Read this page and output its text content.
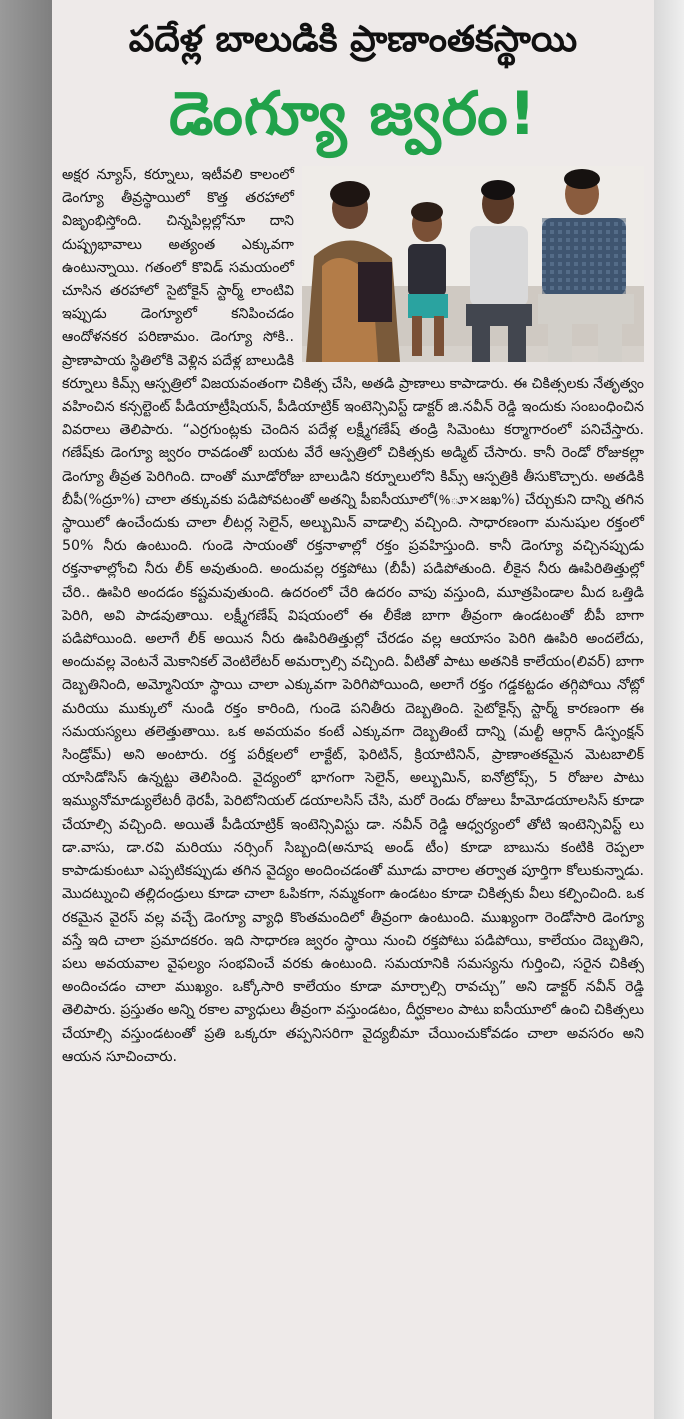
పదేళ్ల బాలుడికి ప్రాణాంతకస్థాయి
డెంగ్యూ జ్వరం!

అక్షర న్యూస్, కర్నూలు, ఇటీవలి కాలంలో డెంగ్యూ తీవ్రస్థాయిలో కొత్త తరహాలో విజృంభిస్తోంది. చిన్నపిల్లల్లోనూ దాని దుష్ప్రభావాలు అత్యంత ఎక్కువగా ఉంటున్నాయి. గతంలో కొవిడ్ సమయంలో చూసిన తరహాలో సైటోకైన్ స్టార్మ్ లాంటివి ఇప్పుడు డెంగ్యూలో కనిపించడం ఆందోళనకర పరిణామం. డెంగ్యూ సోకి.. ప్రాణాపాయ స్థితిలోకి వెళ్లిన పదేళ్ల బాలుడికి కర్నూలు కిమ్స్ ఆస్పత్రిలో విజయవంతంగా చికిత్స చేసి, అతడి ప్రాణాలు కాపాడారు. ఈ చికిత్సలకు నేతృత్వం వహించిన కన్సల్టెంట్ పీడియాట్రీషియన్, పీడియాట్రిక్ ఇంటెన్సివిస్ట్ డాక్టర్ జి.నవీన్ రెడ్డి ఇందుకు సంబంధించిన వివరాలు తెలిపారు. “ఎర్రగుంట్లకు చెందిన పదేళ్ల లక్ష్మీగణేష్ తండ్రి సిమెంటు కర్మాగారంలో పనిచేస్తారు. గణేష్‌కు డెంగ్యూ జ్వరం రావడంతో బయట వేరే ఆస్పత్రిలో చికిత్సకు అడ్మిట్ చేసారు. కానీ రెండో రోజుకల్లా డెంగ్యూ తీవ్రత పెరిగింది. దాంతో మూడోరోజు బాలుడిని కర్నూలులోని కిమ్స్ ఆస్పత్రికి తీసుకొచ్చారు. అతడికి బీపీ(%ద్రూ%) చాలా తక్కువకు పడిపోవటంతో అతన్ని పీఐసీయూలో(%ూ×జఖ%) చేర్చుకుని దాన్ని తగిన స్థాయిలో ఉంచేందుకు చాలా లీటర్ల సెలైన్, అల్బుమిన్ వాడాల్సి వచ్చింది. సాధారణంగా మనుషుల రక్తంలో 50% నీరు ఉంటుంది. గుండె సాయంతో రక్తనాళాల్లో రక్తం ప్రవహిస్తుంది. కానీ డెంగ్యూ వచ్చినప్పుడు రక్తనాళాల్లోంచి నీరు లీక్ అవుతుంది. అందువల్ల రక్తపోటు (బీపీ) పడిపోతుంది. లీకైన నీరు ఊపిరితిత్తుల్లో చేరి.. ఊపిరి అందడం కష్టమవుతుంది. ఉదరంలో చేరి ఉదరం వాపు వస్తుంది, మూత్రపిండాల మీద ఒత్తిడి పెరిగి, అవి పాడవుతాయి. లక్ష్మీగణేష్ విషయంలో ఈ లీకేజి బాగా తీవ్రంగా ఉండటంతో బీపీ బాగా పడిపోయింది. అలాగే లీక్ అయిన నీరు ఊపిరితిత్తుల్లో చేరడం వల్ల ఆయాసం పెరిగి ఊపిరి అందలేదు, అందువల్ల వెంటనే మెకానికల్ వెంటిలేటర్ అమర్చాల్సి వచ్చింది. వీటితో పాటు అతనికి కాలేయం(లివర్) బాగా దెబ్బతినింది, అమ్మోనియా స్థాయి చాలా ఎక్కువగా పెరిగిపోయింది, అలాగే రక్తం గడ్డకట్టడం తగ్గిపోయి నోట్లో మరియు ముక్కులో నుండి రక్తం కారింది, గుండె పనితీరు దెబ్బతింది. సైటోకైన్స్ స్టార్మ్ కారణంగా ఈ సమయస్యలు తలెత్తుతాయి. ఒక అవయవం కంటే ఎక్కువగా దెబ్బతింటే దాన్ని (మల్టీ ఆర్గాన్ డిస్ఫంక్షన్ సిండ్రోమ్) అని అంటారు. రక్త పరీక్షలలో లాక్టేట్, ఫెరిటిన్, క్రియాటినిన్, ప్రాణాంతకమైన మెటబాలిక్ యాసిడోసిస్ ఉన్నట్టు తెలిసింది. వైద్యంలో భాగంగా సెలైన్, అల్బుమిన్, ఐనోట్రోప్స్, 5 రోజుల పాటు ఇమ్యునోమాడ్యులేటరీ థెరపీ, పెరిటోనియల్ డయాలసిస్ చేసి, మరో రెండు రోజులు హీమోడయాలసిస్ కూడా చేయాల్సి వచ్చింది. అయితే పీడియాట్రిక్ ఇంటెన్సివిస్టు డా. నవీన్ రెడ్డి ఆధ్వర్యంలో తోటి ఇంటెన్సివిస్ట్ లు డా.వాసు, డా.రవి మరియు నర్సింగ్ సిబ్బంది(అనూష అండ్ టీం) కూడా బాబును కంటికి రెప్పలా కాపాడుకుంటూ ఎప్పటికప్పుడు తగిన వైద్యం అందించడంతో మూడు వారాల తర్వాత పూర్తిగా కోలుకున్నాడు. మొదట్నుంచి తల్లిదండ్రులు కూడా చాలా ఓపికగా, నమ్మకంగా ఉండటం కూడా చికిత్సకు వీలు కల్పించింది. ఒక రకమైన వైరస్ వల్ల వచ్చే డెంగ్యూ వ్యాధి కొంతమందిలో తీవ్రంగా ఉంటుంది. ముఖ్యంగా రెండోసారి డెంగ్యూ వస్తే ఇది చాలా ప్రమాదకరం. ఇది సాధారణ జ్వరం స్థాయి నుంచి రక్తపోటు పడిపోయి, కాలేయం దెబ్బతిని, పలు అవయవాల వైఫల్యం సంభవించే వరకు ఉంటుంది. సమయానికి సమస్యను గుర్తించి, సరైన చికిత్స అందించడం చాలా ముఖ్యం. ఒక్కోసారి కాలేయం కూడా మార్చాల్సి రావచ్చు” అని డాక్టర్ నవీన్ రెడ్డి తెలిపారు. ప్రస్తుతం అన్ని రకాల వ్యాధులు తీవ్రంగా వస్తుండటం, దీర్ఘకాలం పాటు ఐసీయూలో ఉంచి చికిత్సలు చేయాల్సి వస్తుండటంతో ప్రతి ఒక్కరూ తప్పనిసరిగా వైద్యబీమా చేయించుకోవడం చాలా అవసరం అని ఆయన సూచించారు.
